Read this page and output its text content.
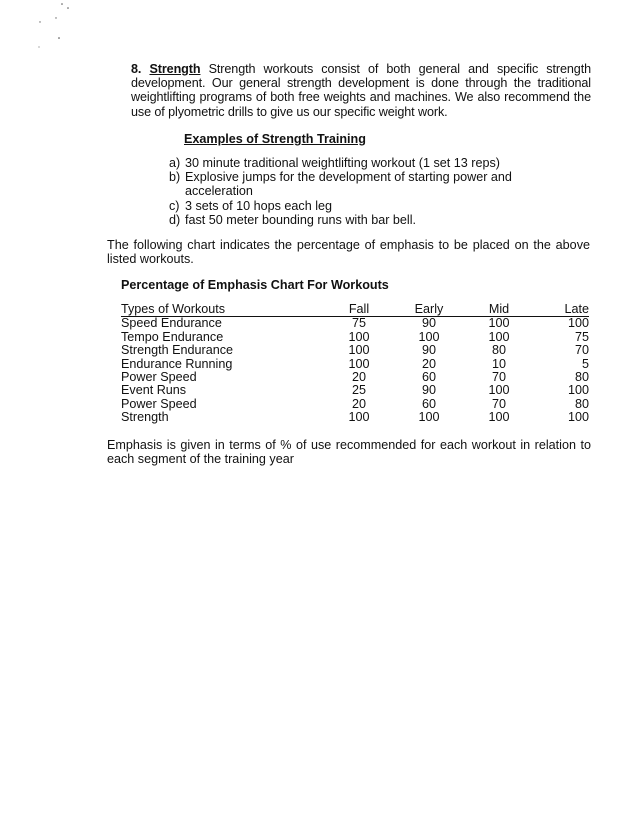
8. Strength Strength workouts consist of both general and specific strength development. Our general strength development is done through the traditional weightlifting programs of both free weights and machines. We also recommend the use of plyometric drills to give us our specific weight work.
Examples of Strength Training
a) 30 minute traditional weightlifting workout (1 set 13 reps)
b) Explosive jumps for the development of starting power and acceleration
c) 3 sets of 10 hops each leg
d) fast 50 meter bounding runs with bar bell.
The following chart indicates the percentage of emphasis to be placed on the above listed workouts.
Percentage of Emphasis Chart For Workouts
Types of Workouts	Fall	Early	Mid	Late
Speed Endurance	75	90	100	100
Tempo Endurance	100	100	100	75
Strength Endurance	100	90	80	70
Endurance Running	100	20	10	5
Power Speed	20	60	70	80
Event Runs	25	90	100	100
Power Speed	20	60	70	80
Strength	100	100	100	100
Emphasis is given in terms of % of use recommended for each workout in relation to each segment of the training year
